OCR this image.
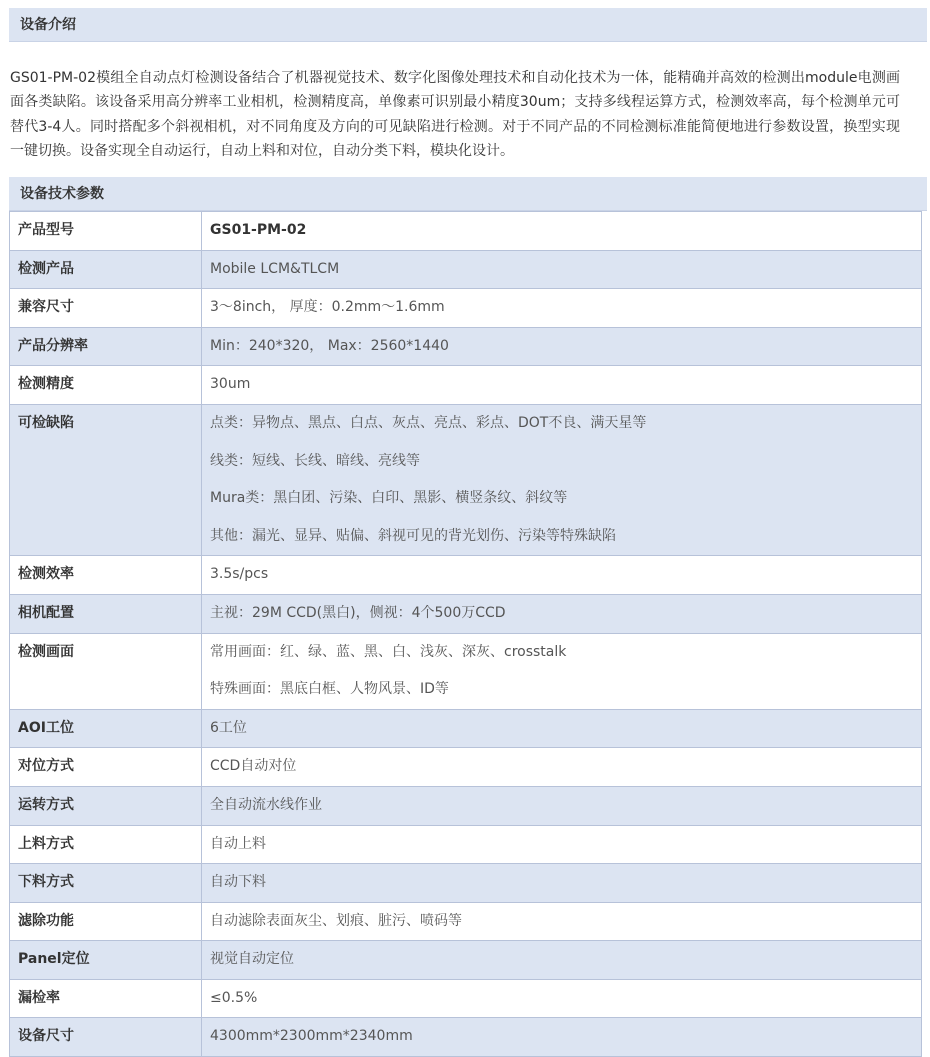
设备介绍
GS01-PM-02模组全自动点灯检测设备结合了机器视觉技术、数字化图像处理技术和自动化技术为一体，能精确并高效的检测出module电测画面各类缺陷。该设备采用高分辨率工业相机，检测精度高，单像素可识别最小精度30um；支持多线程运算方式，检测效率高，每个检测单元可替代3-4人。同时搭配多个斜视相机，对不同角度及方向的可见缺陷进行检测。对于不同产品的不同检测标准能简便地进行参数设置，换型实现一键切换。设备实现全自动运行，自动上料和对位，自动分类下料，模块化设计。
设备技术参数
产品型号	GS01-PM-02

检测产品	Mobile LCM&TLCM

兼容尺寸	3～8inch， 厚度：0.2mm～1.6mm

产品分辨率	Min：240*320， Max：2560*1440

检测精度	30um

可检缺陷	点类：异物点、黑点、白点、灰点、亮点、彩点、DOT不良、满天星等
线类：短线、长线、暗线、亮线等
Mura类：黑白团、污染、白印、黑影、横竖条纹、斜纹等
其他：漏光、显异、贴偏、斜视可见的背光划伤、污染等特殊缺陷

检测效率	3.5s/pcs

相机配置	主视：29M CCD(黑白)，侧视：4个500万CCD

检测画面	常用画面：红、绿、蓝、黑、白、浅灰、深灰、crosstalk
特殊画面：黑底白框、人物风景、ID等

AOI工位	6工位

对位方式	CCD自动对位

运转方式	全自动流水线作业

上料方式	自动上料

下料方式	自动下料

滤除功能	自动滤除表面灰尘、划痕、脏污、喷码等

Panel定位	视觉自动定位

漏检率	≤0.5%

设备尺寸	4300mm*2300mm*2340mm
